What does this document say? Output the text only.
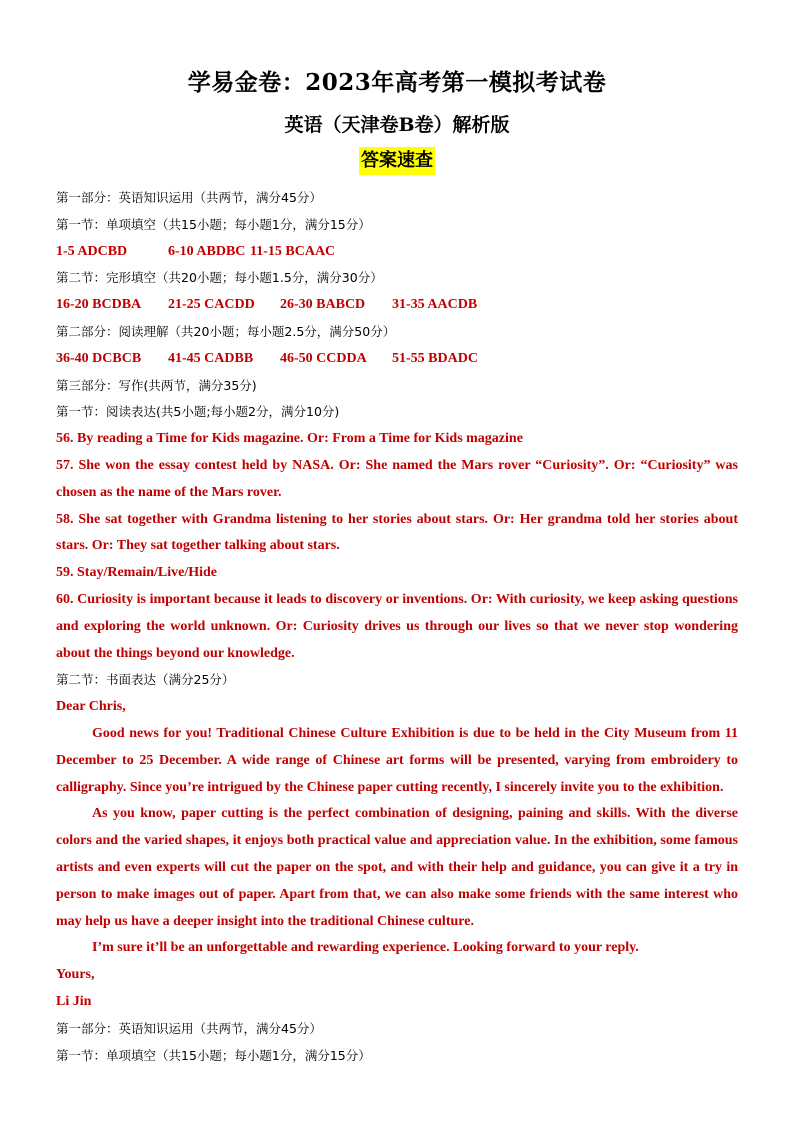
学易金卷：2023年高考第一模拟考试卷
英语（天津卷B卷）解析版
答案速查
第一部分：英语知识运用（共两节，满分45分）
第一节：单项填空（共15小题；每小题1分，满分15分）
1-5 ADCBD	6-10 ABDBC 11-15 BCAAC
第二节：完形填空（共20小题；每小题1.5分，满分30分）
16-20 BCDBA 21-25 CACDD 26-30 BABCD 31-35 AACDB
第二部分：阅读理解（共20小题；每小题2.5分，满分50分）
36-40 DCBCB 41-45 CADBB 46-50 CCDDA 51-55 BDADC
第三部分：写作(共两节，满分35分)
第一节：阅读表达(共5小题;每小题2分，满分10分)
56. By reading a Time for Kids magazine. Or: From a Time for Kids magazine
57. She won the essay contest held by NASA. Or: She named the Mars rover “Curiosity”. Or: “Curiosity” was chosen as the name of the Mars rover.
58. She sat together with Grandma listening to her stories about stars. Or: Her grandma told her stories about stars. Or: They sat together talking about stars.
59. Stay/Remain/Live/Hide
60. Curiosity is important because it leads to discovery or inventions. Or: With curiosity, we keep asking questions and exploring the world unknown. Or: Curiosity drives us through our lives so that we never stop wondering about the things beyond our knowledge.
第二节：书面表达（满分25分）
Dear Chris,
Good news for you! Traditional Chinese Culture Exhibition is due to be held in the City Museum from 11 December to 25 December. A wide range of Chinese art forms will be presented, varying from embroidery to calligraphy. Since you’re intrigued by the Chinese paper cutting recently, I sincerely invite you to the exhibition.
As you know, paper cutting is the perfect combination of designing, paining and skills. With the diverse colors and the varied shapes, it enjoys both practical value and appreciation value. In the exhibition, some famous artists and even experts will cut the paper on the spot, and with their help and guidance, you can give it a try in person to make images out of paper. Apart from that, we can also make some friends with the same interest who may help us have a deeper insight into the traditional Chinese culture.
I’m sure it’ll be an unforgettable and rewarding experience. Looking forward to your reply.
Yours,
Li Jin
第一部分：英语知识运用（共两节，满分45分）
第一节：单项填空（共15小题；每小题1分，满分15分）
